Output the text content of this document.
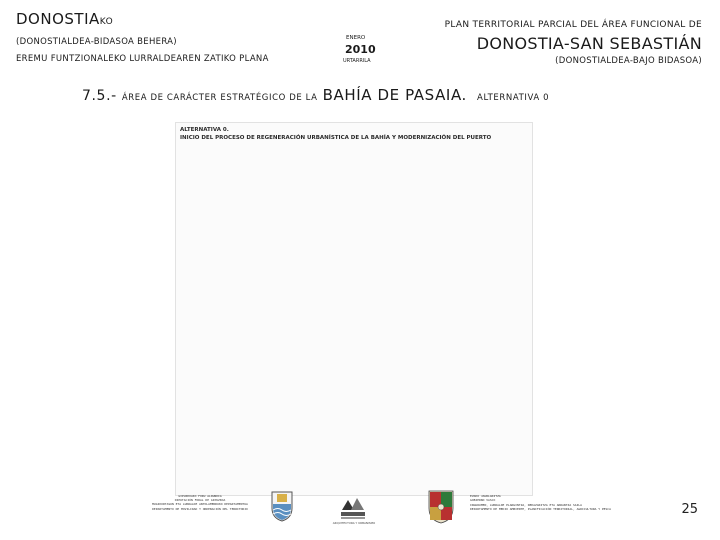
DONOSTIAKO
(DONOSTIALDEA-BIDASOA BEHERA)
EREMU FUNTZIONALEKO LURRALDEAREN ZATIKO PLANA
ENERO
2010
URTARRILA
PLAN TERRITORIAL PARCIAL DEL ÁREA FUNCIONAL DE
DONOSTIA-SAN SEBASTIÁN
(DONOSTIALDEA-BAJO BIDASOA)
7.5.- ÁREA DE CARÁCTER ESTRATÉGICO DE LA BAHÍA DE PASAIA. ALTERNATIVA 0
ALTERNATIVA 0.
INICIO DEL PROCESO DE REGENERACIÓN URBANÍSTICA DE LA BAHÍA Y MODERNIZACIÓN DEL PUERTO
GIPUZKOAKO FORU ALDUNDIA
DIPUTACIÓN FORAL DE GIPUZKOA
MUGIKORTASUN ETA LURRALDE ANTOLAMENDUKO DEPARTAMENTUA
DEPARTAMENTO DE MOVILIDAD Y ORDENACIÓN DEL TERRITORIO
ARQUITECTURA Y URBANISMO
EUSKO JAURLARITZA
GOBIERNO VASCO
INGURUMEN, LURRALDE PLANGINTZA, NEKAZARITZA ETA ARRANTZA SAILA
DEPARTAMENTO DE MEDIO AMBIENTE, PLANIFICACIÓN TERRITORIAL, AGRICULTURA Y PESCA	25
